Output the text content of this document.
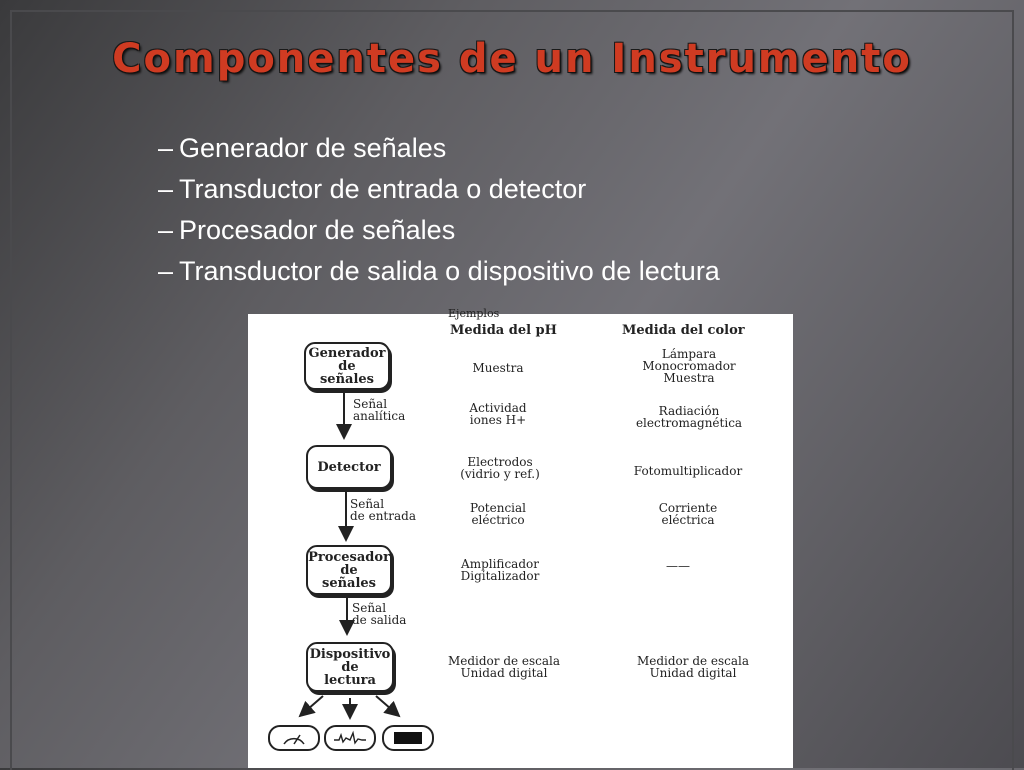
Componentes de un Instrumento
– Generador de señales
– Transductor de entrada o detector
– Procesador de señales
– Transductor de salida o dispositivo de lectura
Ejemplos
Medida del pH	Medida del color
Generador
de
señales
Detector
Procesador
de
señales
Dispositivo
de
lectura
Señal
analítica
Señal
de entrada
Señal
de salida
Muestra
Actividad
iones H+
Electrodos
(vidrio y ref.)
Potencial
eléctrico
Amplificador
Digitalizador
Medidor de escala
Unidad digital
Lámpara
Monocromador
Muestra
Radiación
electromagnética
Fotomultiplicador
Corriente
eléctrica
——
Medidor de escala
Unidad digital
